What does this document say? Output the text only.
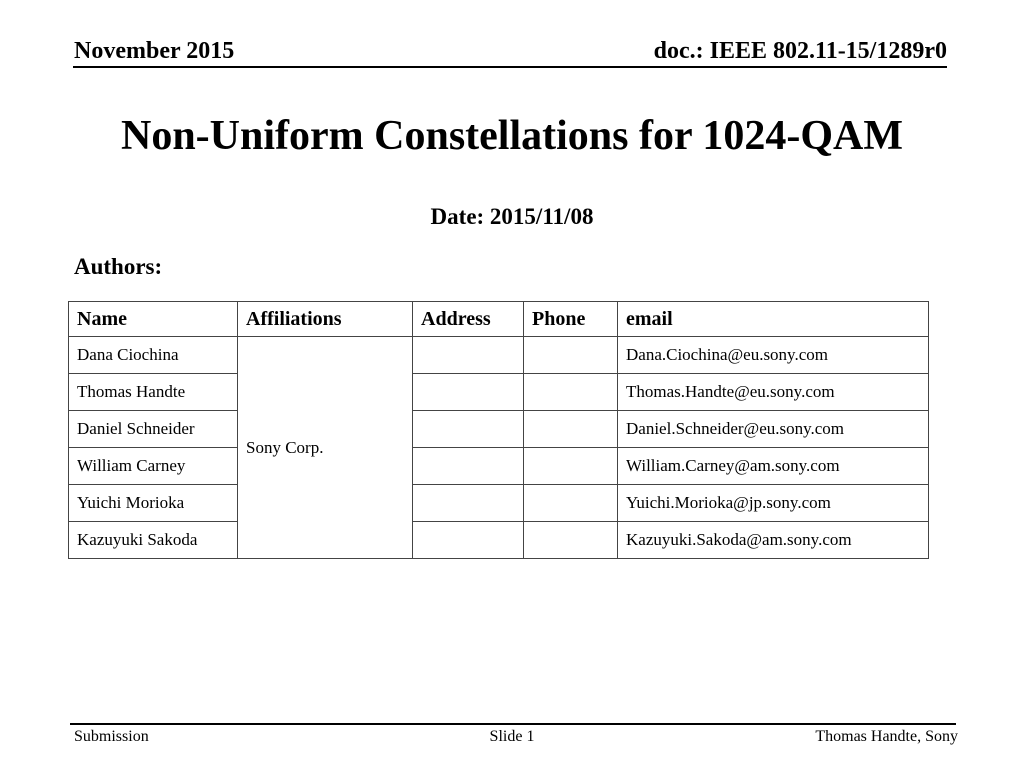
November 2015	doc.: IEEE 802.11-15/1289r0
Non-Uniform Constellations for 1024-QAM
Date: 2015/11/08
Authors:
Name	Affiliations	Address	Phone	email
Dana Ciochina	Sony Corp.			Dana.Ciochina@eu.sony.com
Thomas Handte				Thomas.Handte@eu.sony.com
Daniel Schneider				Daniel.Schneider@eu.sony.com
William Carney				William.Carney@am.sony.com
Yuichi Morioka				Yuichi.Morioka@jp.sony.com
Kazuyuki Sakoda				Kazuyuki.Sakoda@am.sony.com
Submission	Slide 1	Thomas Handte, Sony
